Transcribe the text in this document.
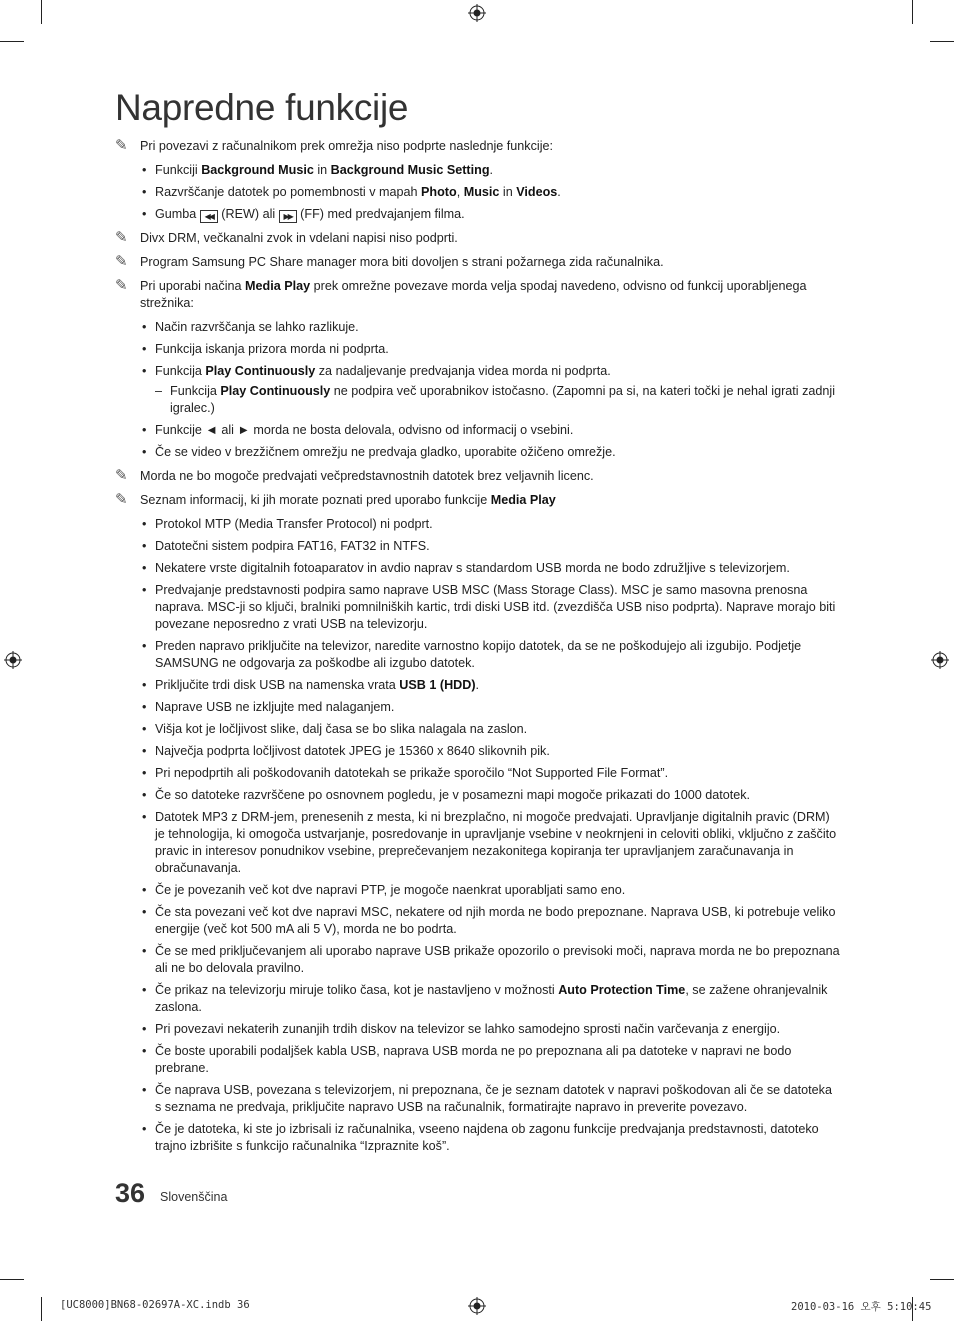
Napredne funkcije
✎ Pri povezavi z računalnikom prek omrežja niso podprte naslednje funkcije:
• Funkciji Background Music in Background Music Setting.
• Razvrščanje datotek po pomembnosti v mapah Photo, Music in Videos.
• Gumba ◀◀ (REW) ali ▶▶ (FF) med predvajanjem filma.
✎ Divx DRM, večkanalni zvok in vdelani napisi niso podprti.
✎ Program Samsung PC Share manager mora biti dovoljen s strani požarnega zida računalnika.
✎ Pri uporabi načina Media Play prek omrežne povezave morda velja spodaj navedeno, odvisno od funkcij uporabljenega strežnika:
• Način razvrščanja se lahko razlikuje.
• Funkcija iskanja prizora morda ni podprta.
• Funkcija Play Continuously za nadaljevanje predvajanja videa morda ni podprta.
– Funkcija Play Continuously ne podpira več uporabnikov istočasno. (Zapomni pa si, na kateri točki je nehal igrati zadnji igralec.)
• Funkcije ◄ ali ► morda ne bosta delovala, odvisno od informacij o vsebini.
• Če se video v brezžičnem omrežju ne predvaja gladko, uporabite ožičeno omrežje.
✎ Morda ne bo mogoče predvajati večpredstavnostnih datotek brez veljavnih licenc.
✎ Seznam informacij, ki jih morate poznati pred uporabo funkcije Media Play
• Protokol MTP (Media Transfer Protocol) ni podprt.
• Datotečni sistem podpira FAT16, FAT32 in NTFS.
• Nekatere vrste digitalnih fotoaparatov in avdio naprav s standardom USB morda ne bodo združljive s televizorjem.
• Predvajanje predstavnosti podpira samo naprave USB MSC (Mass Storage Class). MSC je samo masovna prenosna naprava. MSC-ji so ključi, bralniki pomnilniških kartic, trdi diski USB itd. (zvezdišča USB niso podprta). Naprave morajo biti povezane neposredno z vrati USB na televizorju.
• Preden napravo priključite na televizor, naredite varnostno kopijo datotek, da se ne poškodujejo ali izgubijo. Podjetje SAMSUNG ne odgovarja za poškodbe ali izgubo datotek.
• Priključite trdi disk USB na namenska vrata USB 1 (HDD).
• Naprave USB ne izkljujte med nalaganjem.
• Višja kot je ločljivost slike, dalj časa se bo slika nalagala na zaslon.
• Največja podprta ločljivost datotek JPEG je 15360 x 8640 slikovnih pik.
• Pri nepodprtih ali poškodovanih datotekah se prikaže sporočilo “Not Supported File Format”.
• Če so datoteke razvrščene po osnovnem pogledu, je v posamezni mapi mogoče prikazati do 1000 datotek.
• Datotek MP3 z DRM-jem, prenesenih z mesta, ki ni brezplačno, ni mogoče predvajati. Upravljanje digitalnih pravic (DRM) je tehnologija, ki omogoča ustvarjanje, posredovanje in upravljanje vsebine v neokrnjeni in celoviti obliki, vključno z zaščito pravic in interesov ponudnikov vsebine, preprečevanjem nezakonitega kopiranja ter upravljanjem zaračunavanja in obračunavanja.
• Če je povezanih več kot dve napravi PTP, je mogoče naenkrat uporabljati samo eno.
• Če sta povezani več kot dve napravi MSC, nekatere od njih morda ne bodo prepoznane. Naprava USB, ki potrebuje veliko energije (več kot 500 mA ali 5 V), morda ne bo podrta.
• Če se med priključevanjem ali uporabo naprave USB prikaže opozorilo o previsoki moči, naprava morda ne bo prepoznana ali ne bo delovala pravilno.
• Če prikaz na televizorju miruje toliko časa, kot je nastavljeno v možnosti Auto Protection Time, se zažene ohranjevalnik zaslona.
• Pri povezavi nekaterih zunanjih trdih diskov na televizor se lahko samodejno sprosti način varčevanja z energijo.
• Če boste uporabili podaljšek kabla USB, naprava USB morda ne po prepoznana ali pa datoteke v napravi ne bodo prebrane.
• Če naprava USB, povezana s televizorjem, ni prepoznana, če je seznam datotek v napravi poškodovan ali če se datoteka s seznama ne predvaja, priključite napravo USB na računalnik, formatirajte napravo in preverite povezavo.
• Če je datoteka, ki ste jo izbrisali iz računalnika, vseeno najdena ob zagonu funkcije predvajanja predstavnosti, datoteko trajno izbrišite s funkcijo računalnika “Izpraznite koš”.
36 Slovenščina
[UC8000]BN68-02697A-XC.indb 36	2010-03-16 오후 5:10:45
